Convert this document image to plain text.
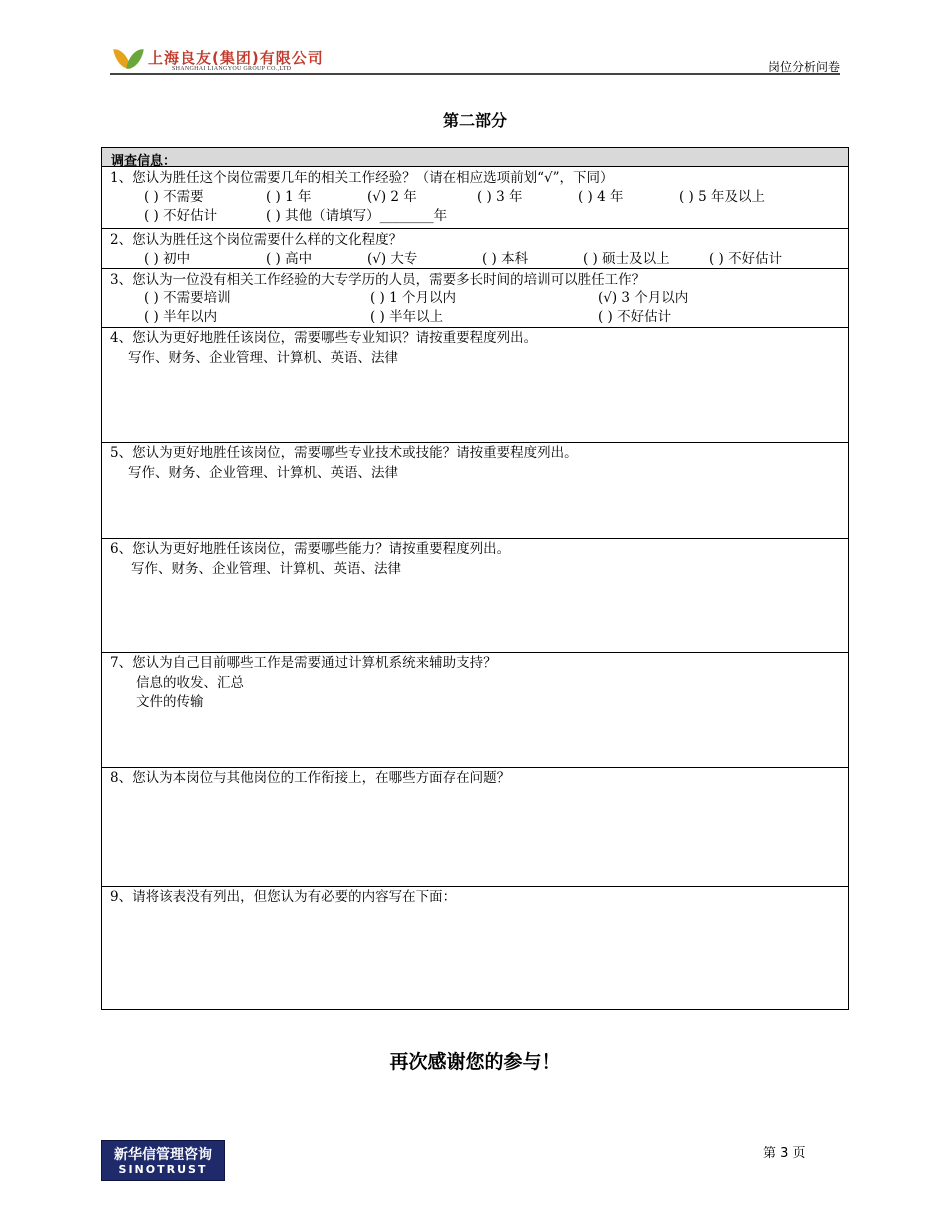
上海良友(集团)有限公司
SHANGHAI LIANGYOU GROUP CO.,LTD	岗位分析问卷
第二部分
调查信息：
1、您认为胜任这个岗位需要几年的相关工作经验？（请在相应选项前划“√”，下同）
( ) 不需要	( ) 1 年	(√) 2 年	( ) 3 年	( ) 4 年	( ) 5 年及以上
( ) 不好估计	( ) 其他（请填写）________年
2、您认为胜任这个岗位需要什么样的文化程度？
( ) 初中	( ) 高中	(√) 大专	( ) 本科	( ) 硕士及以上	( ) 不好估计
3、您认为一位没有相关工作经验的大专学历的人员，需要多长时间的培训可以胜任工作？
( ) 不需要培训	( ) 1 个月以内	(√) 3 个月以内
( ) 半年以内	( ) 半年以上	( ) 不好估计
4、您认为更好地胜任该岗位，需要哪些专业知识？请按重要程度列出。
写作、财务、企业管理、计算机、英语、法律
5、您认为更好地胜任该岗位，需要哪些专业技术或技能？请按重要程度列出。
写作、财务、企业管理、计算机、英语、法律
6、您认为更好地胜任该岗位，需要哪些能力？请按重要程度列出。
写作、财务、企业管理、计算机、英语、法律
7、您认为自己目前哪些工作是需要通过计算机系统来辅助支持？
信息的收发、汇总
文件的传输
8、您认为本岗位与其他岗位的工作衔接上，在哪些方面存在问题？
9、请将该表没有列出，但您认为有必要的内容写在下面：
再次感谢您的参与！
新华信管理咨询
SINOTRUST
第 3 页
